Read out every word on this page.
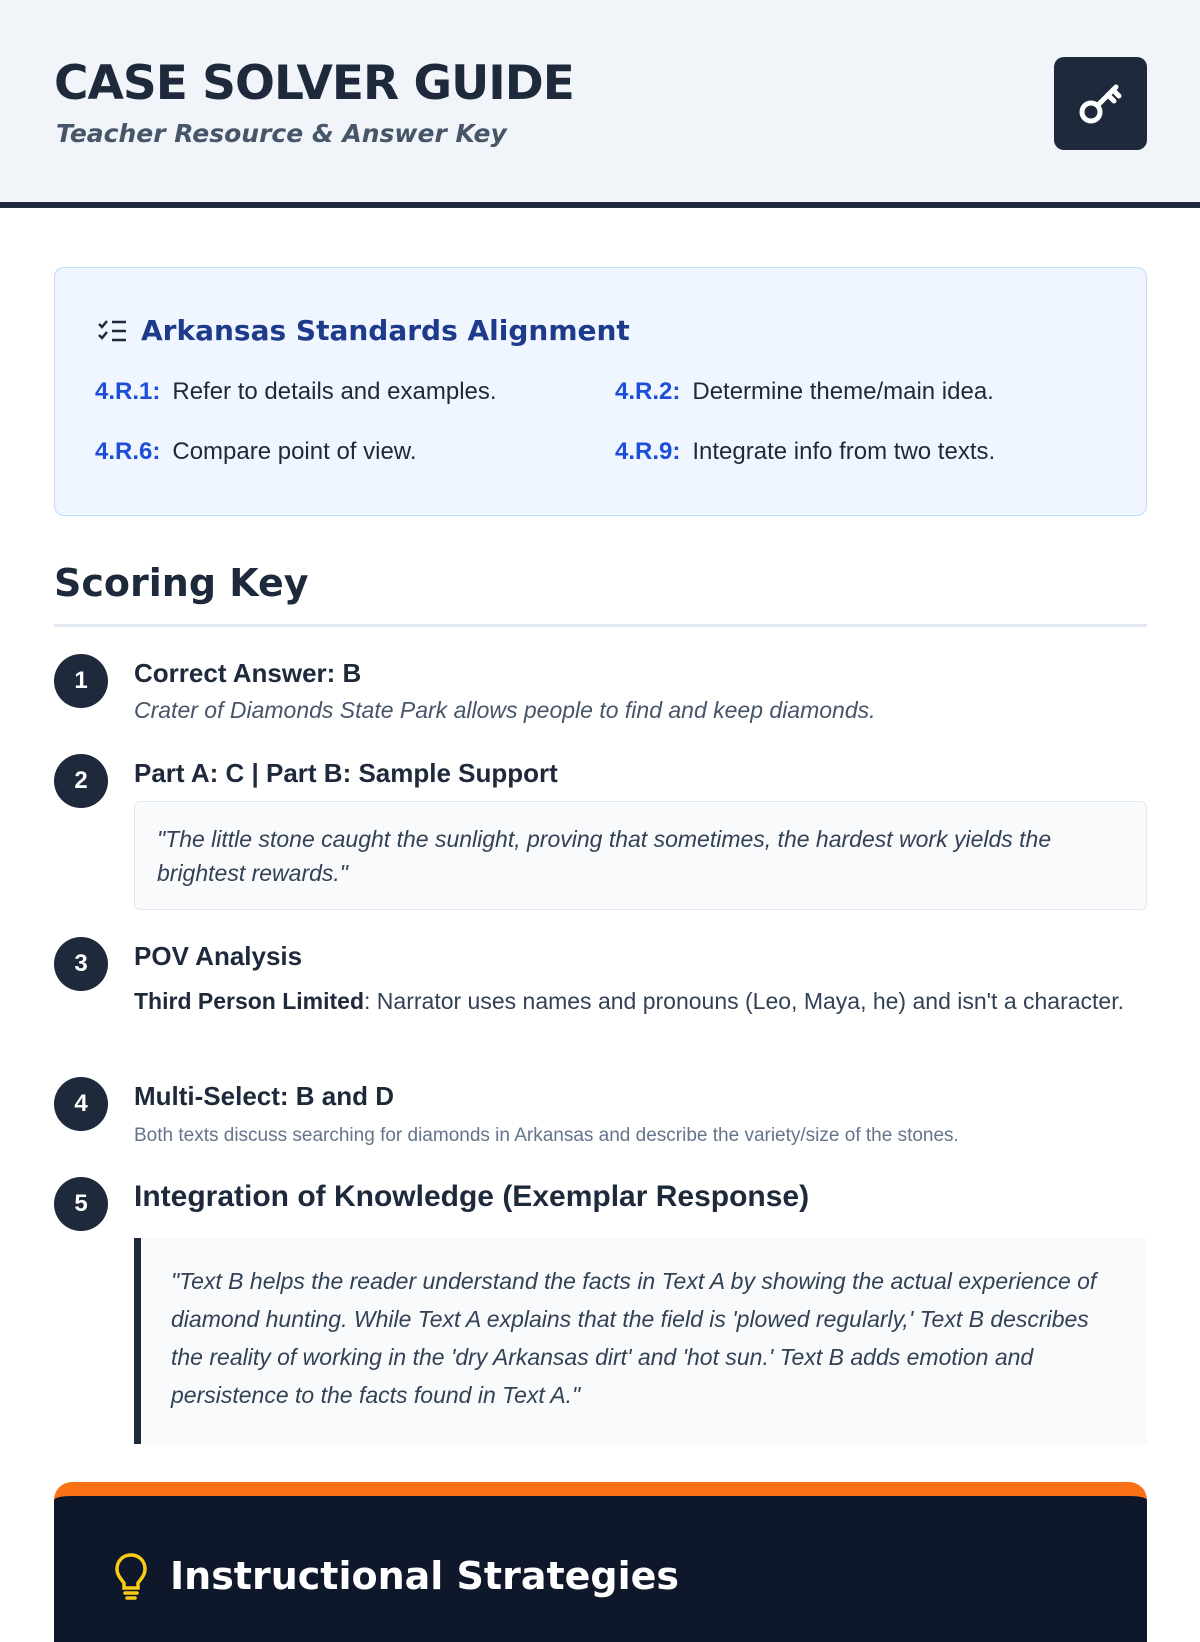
CASE SOLVER GUIDE

Teacher Resource & Answer Key

Arkansas Standards Alignment
4.R.1: Refer to details and examples.	4.R.2: Determine theme/main idea.
4.R.6: Compare point of view.	4.R.9: Integrate info from two texts.
Scoring Key
1	Correct Answer: B
Crater of Diamonds State Park allows people to find and keep diamonds.
2	Part A: C | Part B: Sample Support
"The little stone caught the sunlight, proving that sometimes, the hardest work yields the brightest rewards."
3	POV Analysis
Third Person Limited: Narrator uses names and pronouns (Leo, Maya, he) and isn't a character.
4	Multi-Select: B and D
Both texts discuss searching for diamonds in Arkansas and describe the variety/size of the stones.
5	Integration of Knowledge (Exemplar Response)
"Text B helps the reader understand the facts in Text A by showing the actual experience of diamond hunting. While Text A explains that the field is 'plowed regularly,' Text B describes the reality of working in the 'dry Arkansas dirt' and 'hot sun.' Text B adds emotion and persistence to the facts found in Text A."
Instructional Strategies
